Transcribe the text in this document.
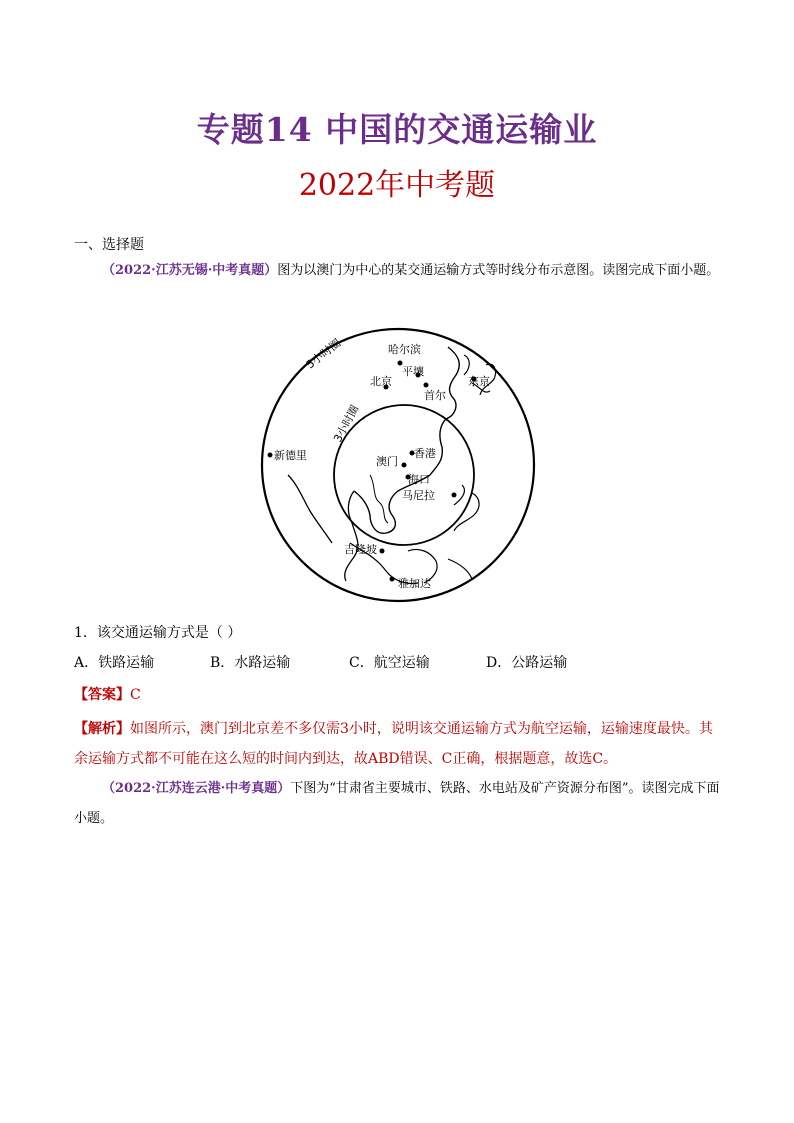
专题14 中国的交通运输业
2022年中考题
一、选择题
（2022·江苏无锡·中考真题）图为以澳门为中心的某交通运输方式等时线分布示意图。读图完成下面小题。
5小时圈
3小时圈
哈尔滨
平壤
北京	东京
首尔
新德里	香港
澳门
海口
马尼拉
吉隆坡
雅加达
1．该交通运输方式是（ ）
A．铁路运输	B．水路运输	C．航空运输	D．公路运输
【答案】C
【解析】如图所示，澳门到北京差不多仅需3小时，说明该交通运输方式为航空运输，运输速度最快。其余运输方式都不可能在这么短的时间内到达，故ABD错误、C正确，根据题意，故选C。
（2022·江苏连云港·中考真题）下图为“甘肃省主要城市、铁路、水电站及矿产资源分布图”。读图完成下面小题。
